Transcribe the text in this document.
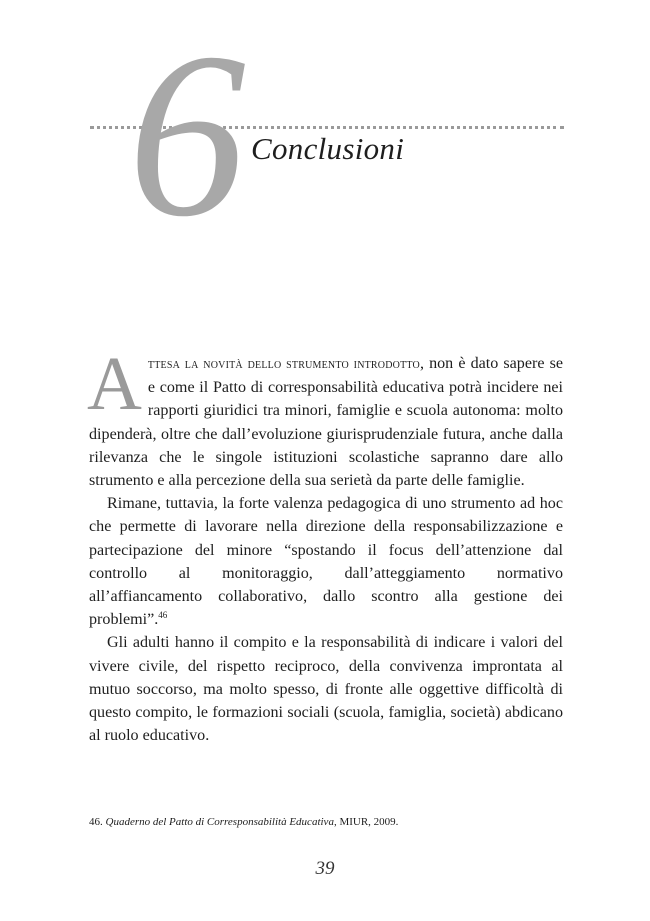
6 Conclusioni

Attesa la novità dello strumento introdotto, non è dato sapere se e come il Patto di corresponsabilità educativa potrà incidere nei rapporti giuridici tra minori, famiglie e scuola autonoma: molto dipenderà, oltre che dall’evoluzione giurisprudenziale futura, anche dalla rilevanza che le singole istituzioni scolastiche sapranno dare allo strumento e alla percezione della sua serietà da parte delle famiglie.

Rimane, tuttavia, la forte valenza pedagogica di uno strumento ad hoc che permette di lavorare nella direzione della responsabilizzazione e partecipazione del minore “spostando il focus dell’attenzione dal controllo al monitoraggio, dall’atteggiamento normativo all’affiancamento collaborativo, dallo scontro alla gestione dei problemi”.$^{46}$

Gli adulti hanno il compito e la responsabilità di indicare i valori del vivere civile, del rispetto reciproco, della convivenza improntata al mutuo soccorso, ma molto spesso, di fronte alle oggettive difficoltà di questo compito, le formazioni sociali (scuola, famiglia, società) abdicano al ruolo educativo.

46. Quaderno del Patto di Corresponsabilità Educativa, MIUR, 2009.
39
